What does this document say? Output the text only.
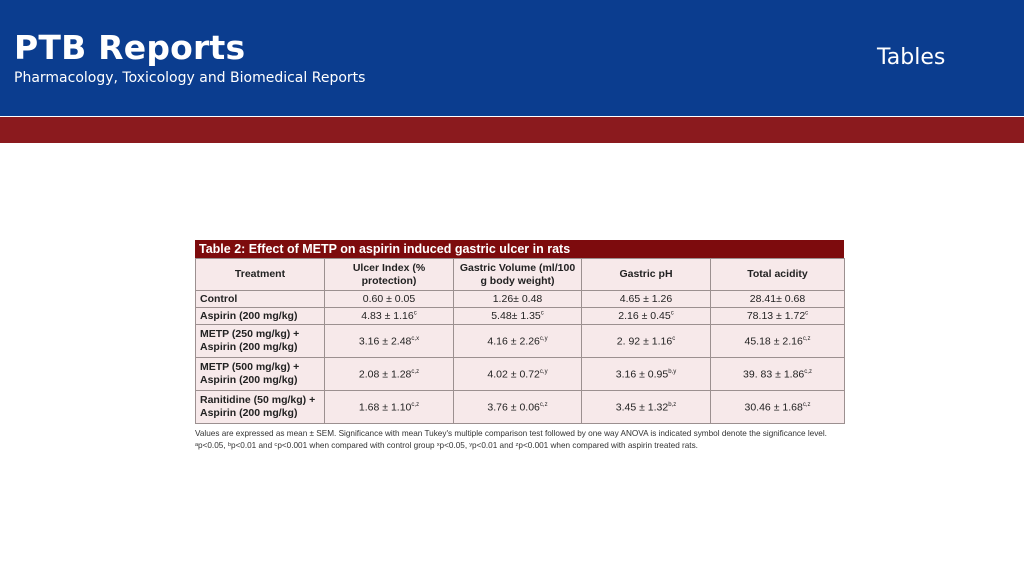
PTB Reports
Pharmacology, Toxicology and Biomedical Reports
Tables
Table 2: Effect of METP on aspirin induced gastric ulcer in rats
Treatment	Ulcer Index (% protection)	Gastric Volume (ml/100 g body weight)	Gastric pH	Total acidity
Control	0.60 ± 0.05	1.26± 0.48	4.65 ± 1.26	28.41± 0.68
Aspirin (200 mg/kg)	4.83 ± 1.16$^c$	5.48± 1.35$^c$	2.16 ± 0.45$^c$	78.13 ± 1.72$^c$
METP (250 mg/kg) + Aspirin (200 mg/kg)	$3.16 \pm 2.48^{c,x}$	$4.16 \pm 2.26^{c,y}$	2. 92 ± 1.16$^c$	$45.18 \pm 2.16^{c,z}$
METP (500 mg/kg) + Aspirin (200 mg/kg)	$2.08 \pm 1.28^{c,z}$	$4.02 \pm 0.72^{c,y}$	$3.16 \pm 0.95^{b,y}$	39. $83 \pm 1.86^{c,z}$
Ranitidine (50 mg/kg) + Aspirin (200 mg/kg)	$1.68 \pm 1.10^{c,z}$	$3.76 \pm 0.06^{c,z}$	$3.45 \pm 1.32^{b,z}$	$30.46 \pm 1.68^{c,z}$
Values are expressed as mean ± SEM. Significance with mean Tukey's multiple comparison test followed by one way ANOVA is indicated symbol denote the significance level. ᵃp<0.05, ᵇp<0.01 and ᶜp<0.001 when compared with control group ˣp<0.05, ʸp<0.01 and ᶻp<0.001 when compared with aspirin treated rats.
